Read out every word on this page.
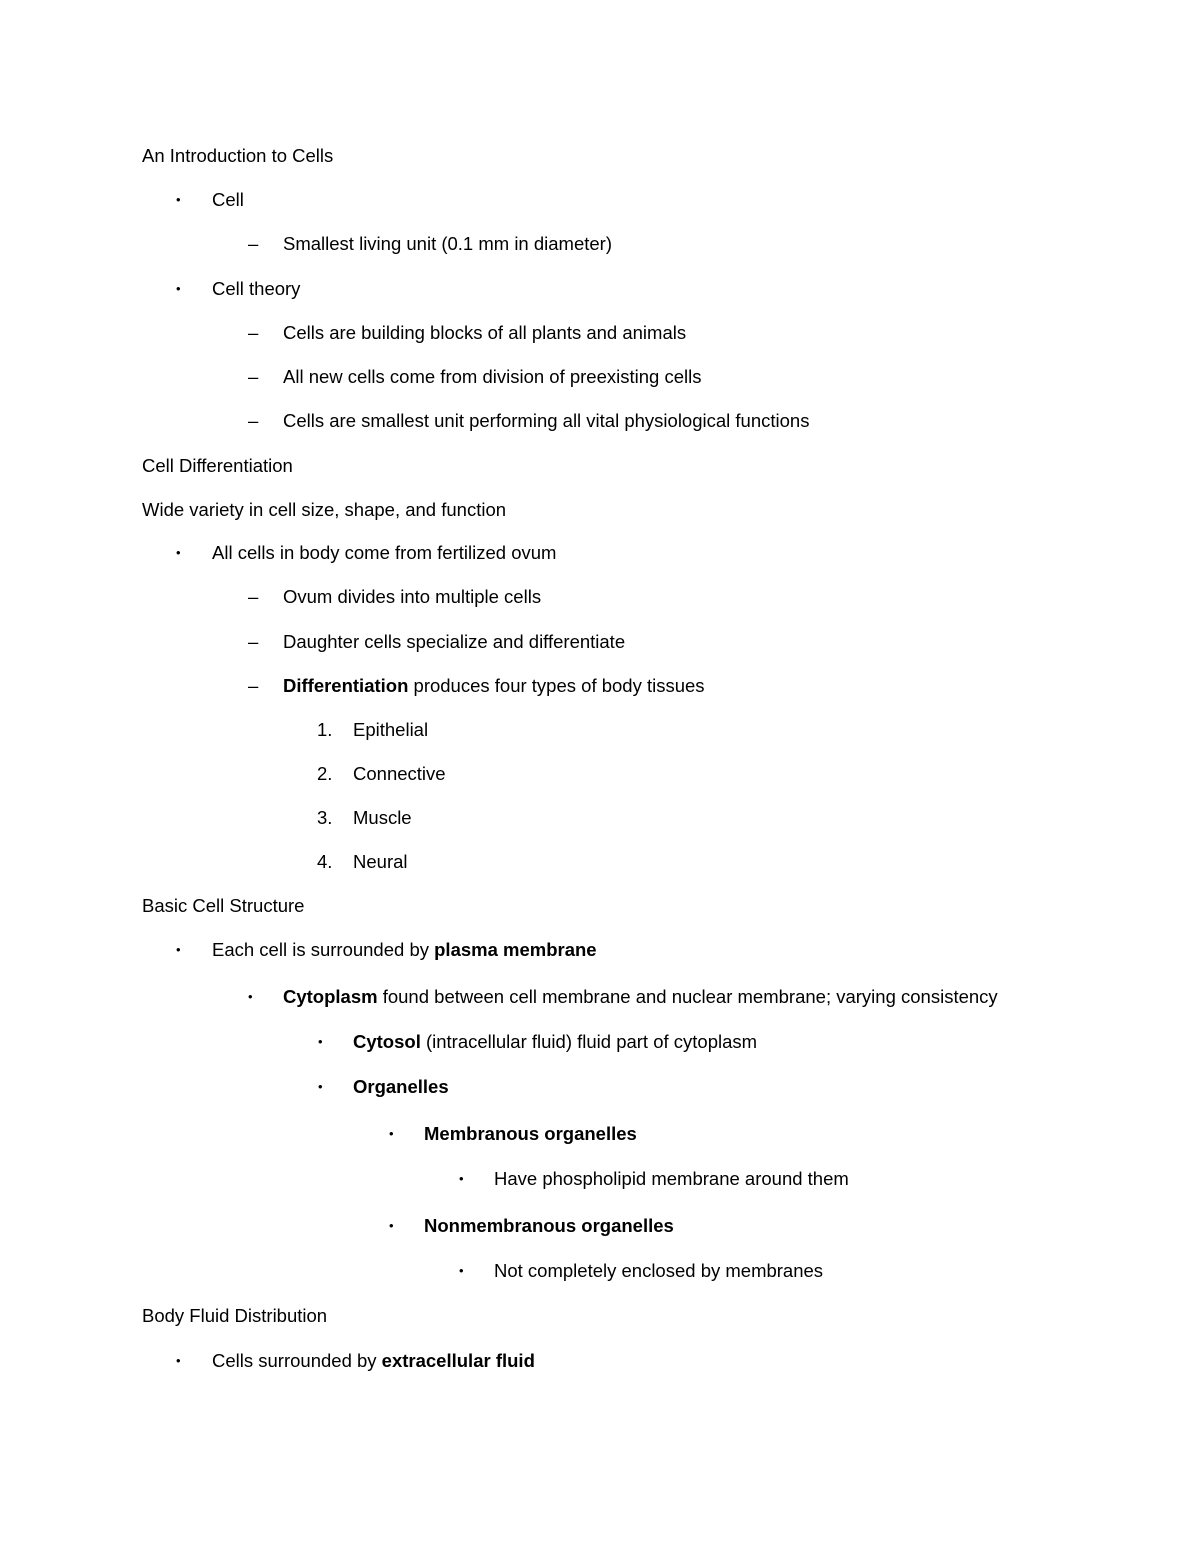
An Introduction to Cells
• Cell
– Smallest living unit (0.1 mm in diameter)
• Cell theory
– Cells are building blocks of all plants and animals
– All new cells come from division of preexisting cells
– Cells are smallest unit performing all vital physiological functions
Cell Differentiation
Wide variety in cell size, shape, and function
• All cells in body come from fertilized ovum
– Ovum divides into multiple cells
– Daughter cells specialize and differentiate
– Differentiation produces four types of body tissues
1. Epithelial
2. Connective
3. Muscle
4. Neural
Basic Cell Structure
• Each cell is surrounded by plasma membrane
• Cytoplasm found between cell membrane and nuclear membrane; varying consistency
• Cytosol (intracellular fluid) fluid part of cytoplasm
• Organelles
• Membranous organelles
• Have phospholipid membrane around them
• Nonmembranous organelles
• Not completely enclosed by membranes
Body Fluid Distribution
• Cells surrounded by extracellular fluid
